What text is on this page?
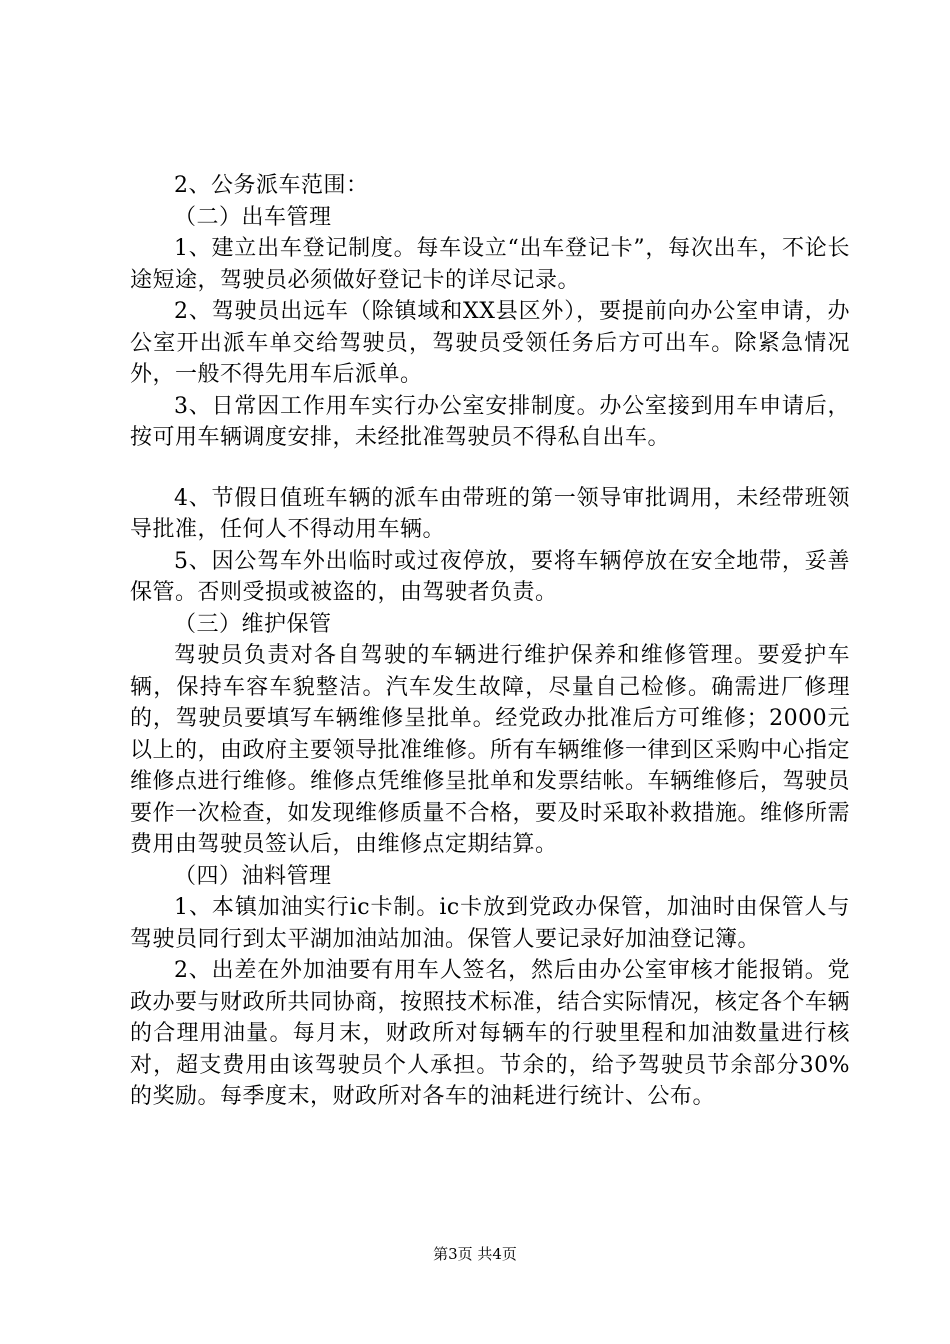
2、公务派车范围：

（二）出车管理

1、建立出车登记制度。每车设立“出车登记卡”，每次出车，不论长途短途，驾驶员必须做好登记卡的详尽记录。

2、驾驶员出远车（除镇域和XX县区外），要提前向办公室申请，办公室开出派车单交给驾驶员，驾驶员受领任务后方可出车。除紧急情况外，一般不得先用车后派单。

3、日常因工作用车实行办公室安排制度。办公室接到用车申请后，按可用车辆调度安排，未经批准驾驶员不得私自出车。

4、节假日值班车辆的派车由带班的第一领导审批调用，未经带班领导批准，任何人不得动用车辆。

5、因公驾车外出临时或过夜停放，要将车辆停放在安全地带，妥善保管。否则受损或被盗的，由驾驶者负责。

（三）维护保管

驾驶员负责对各自驾驶的车辆进行维护保养和维修管理。要爱护车辆，保持车容车貌整洁。汽车发生故障，尽量自己检修。确需进厂修理的，驾驶员要填写车辆维修呈批单。经党政办批准后方可维修；2000元以上的，由政府主要领导批准维修。所有车辆维修一律到区采购中心指定维修点进行维修。维修点凭维修呈批单和发票结帐。车辆维修后，驾驶员要作一次检查，如发现维修质量不合格，要及时采取补救措施。维修所需费用由驾驶员签认后，由维修点定期结算。

（四）油料管理

1、本镇加油实行ic卡制。ic卡放到党政办保管，加油时由保管人与驾驶员同行到太平湖加油站加油。保管人要记录好加油登记簿。

2、出差在外加油要有用车人签名，然后由办公室审核才能报销。党政办要与财政所共同协商，按照技术标准，结合实际情况，核定各个车辆的合理用油量。每月末，财政所对每辆车的行驶里程和加油数量进行核对，超支费用由该驾驶员个人承担。节余的，给予驾驶员节余部分30%的奖励。每季度末，财政所对各车的油耗进行统计、公布。

第3页 共4页
